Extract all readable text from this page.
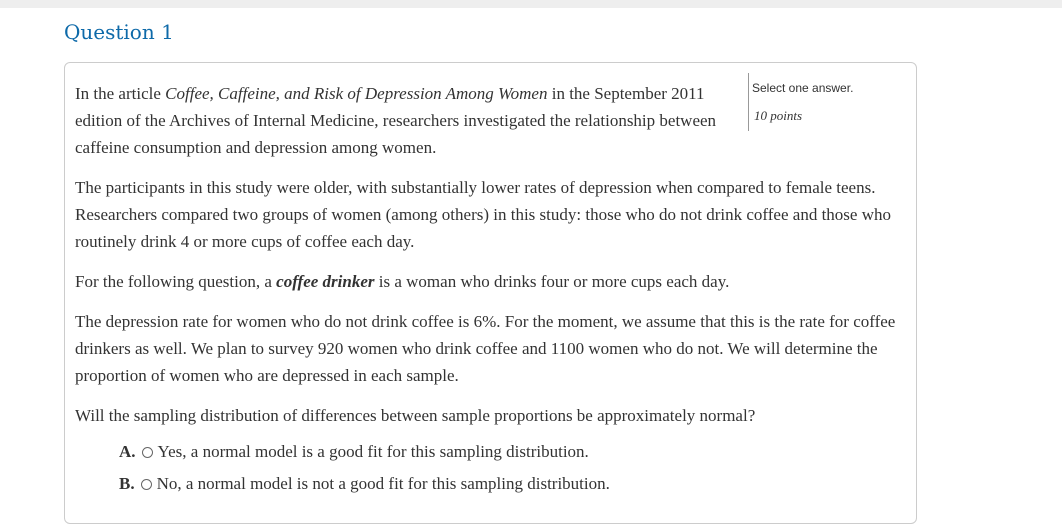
Question 1
Select one answer.
10 points

In the article Coffee, Caffeine, and Risk of Depression Among Women in the September 2011 edition of the Archives of Internal Medicine, researchers investigated the relationship between caffeine consumption and depression among women.

The participants in this study were older, with substantially lower rates of depression when compared to female teens. Researchers compared two groups of women (among others) in this study: those who do not drink coffee and those who routinely drink 4 or more cups of coffee each day.

For the following question, a coffee drinker is a woman who drinks four or more cups each day.

The depression rate for women who do not drink coffee is 6%. For the moment, we assume that this is the rate for coffee drinkers as well. We plan to survey 920 women who drink coffee and 1100 women who do not. We will determine the proportion of women who are depressed in each sample.

Will the sampling distribution of differences between sample proportions be approximately normal?

A. Yes, a normal model is a good fit for this sampling distribution.
B. No, a normal model is not a good fit for this sampling distribution.
